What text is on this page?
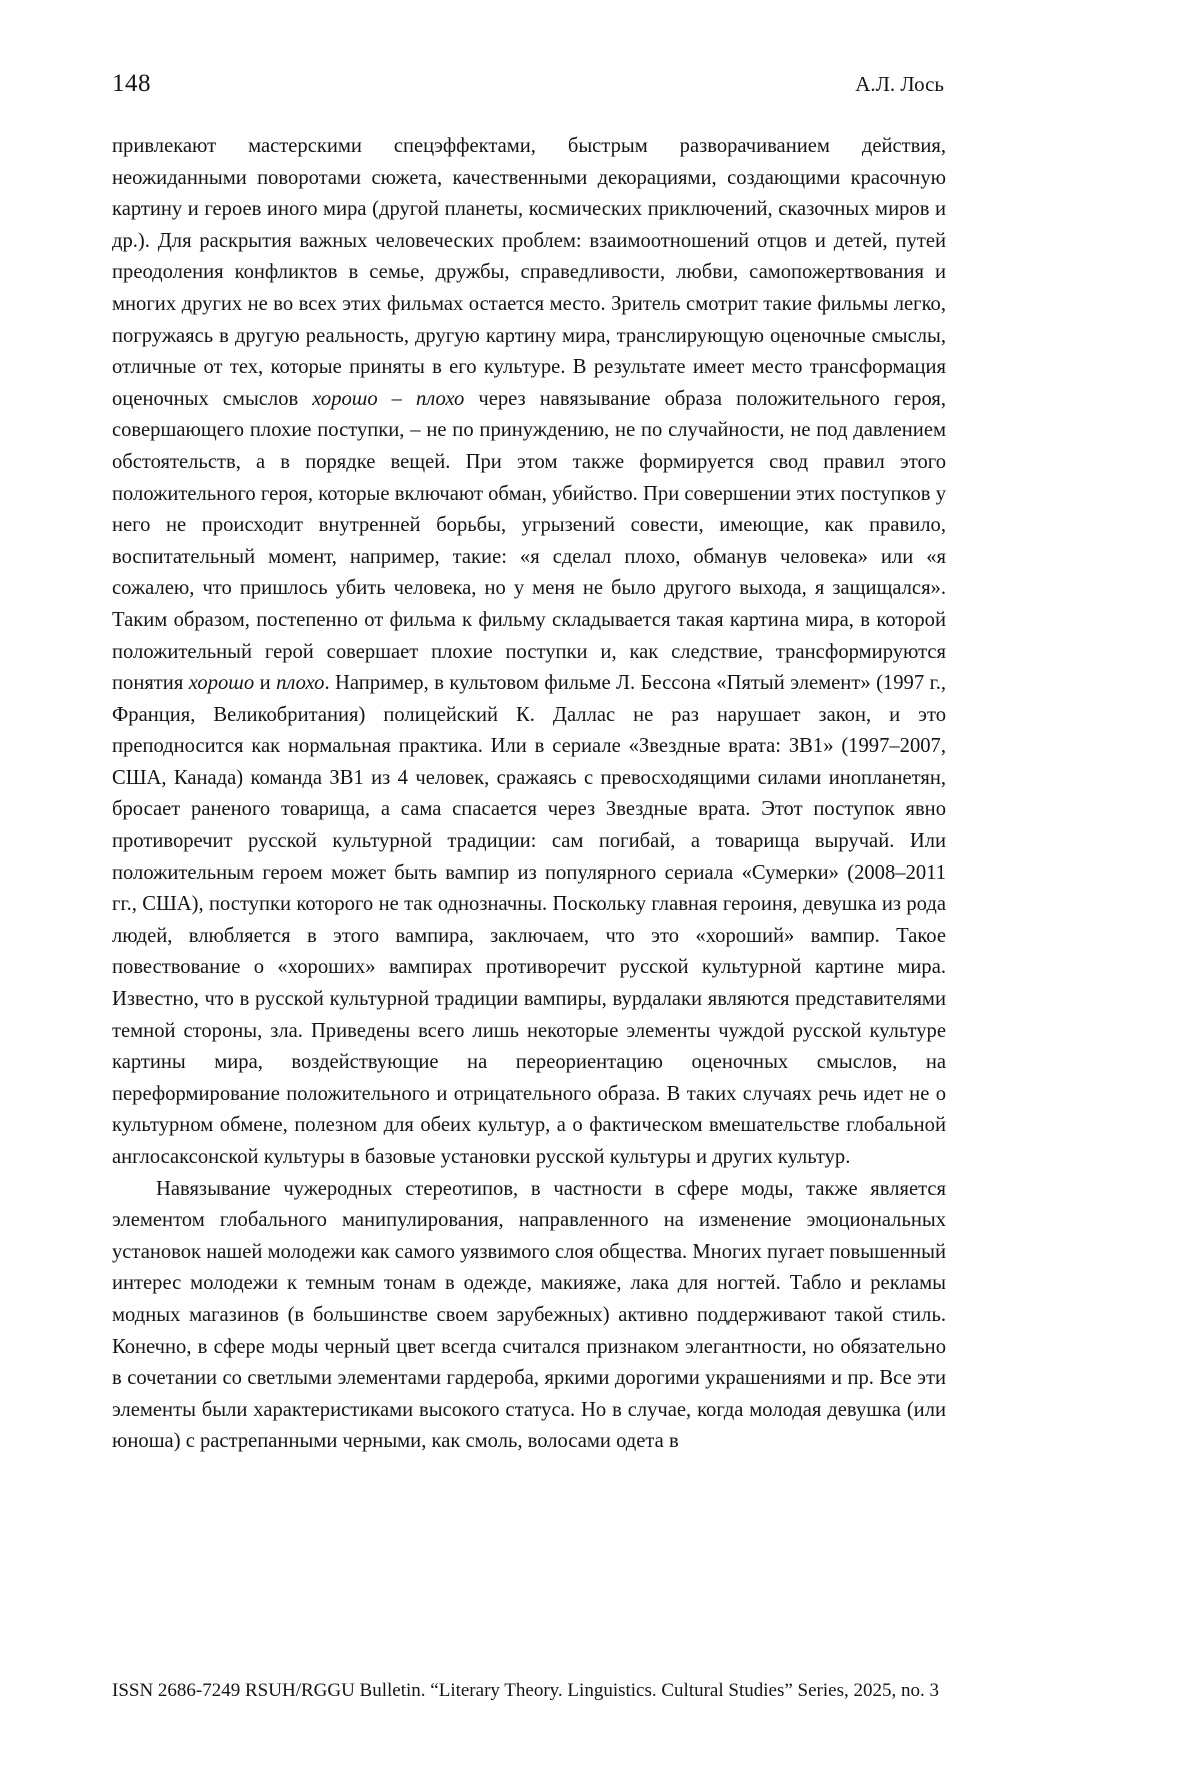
148	А.Л. Лось

привлекают мастерскими спецэффектами, быстрым разворачиванием действия, неожиданными поворотами сюжета, качественными декорациями, создающими красочную картину и героев иного мира (другой планеты, космических приключений, сказочных миров и др.). Для раскрытия важных человеческих проблем: взаимоотношений отцов и детей, путей преодоления конфликтов в семье, дружбы, справедливости, любви, самопожертвования и многих других не во всех этих фильмах остается место. Зритель смотрит такие фильмы легко, погружаясь в другую реальность, другую картину мира, транслирующую оценочные смыслы, отличные от тех, которые приняты в его культуре. В результате имеет место трансформация оценочных смыслов хорошо – плохо через навязывание образа положительного героя, совершающего плохие поступки, – не по принуждению, не по случайности, не под давлением обстоятельств, а в порядке вещей. При этом также формируется свод правил этого положительного героя, которые включают обман, убийство. При совершении этих поступков у него не происходит внутренней борьбы, угрызений совести, имеющие, как правило, воспитательный момент, например, такие: «я сделал плохо, обманув человека» или «я сожалею, что пришлось убить человека, но у меня не было другого выхода, я защищался». Таким образом, постепенно от фильма к фильму складывается такая картина мира, в которой положительный герой совершает плохие поступки и, как следствие, трансформируются понятия хорошо и плохо. Например, в культовом фильме Л. Бессона «Пятый элемент» (1997 г., Франция, Великобритания) полицейский К. Даллас не раз нарушает закон, и это преподносится как нормальная практика. Или в сериале «Звездные врата: ЗВ1» (1997–2007, США, Канада) команда ЗВ1 из 4 человек, сражаясь с превосходящими силами инопланетян, бросает раненого товарища, а сама спасается через Звездные врата. Этот поступок явно противоречит русской культурной традиции: сам погибай, а товарища выручай. Или положительным героем может быть вампир из популярного сериала «Сумерки» (2008–2011 гг., США), поступки которого не так однозначны. Поскольку главная героиня, девушка из рода людей, влюбляется в этого вампира, заключаем, что это «хороший» вампир. Такое повествование о «хороших» вампирах противоречит русской культурной картине мира. Известно, что в русской культурной традиции вампиры, вурдалаки являются представителями темной стороны, зла. Приведены всего лишь некоторые элементы чуждой русской культуре картины мира, воздействующие на переориентацию оценочных смыслов, на переформирование положительного и отрицательного образа. В таких случаях речь идет не о культурном обмене, полезном для обеих культур, а о фактическом вмешательстве глобальной англосаксонской культуры в базовые установки русской культуры и других культур.

Навязывание чужеродных стереотипов, в частности в сфере моды, также является элементом глобального манипулирования, направленного на изменение эмоциональных установок нашей молодежи как самого уязвимого слоя общества. Многих пугает повышенный интерес молодежи к темным тонам в одежде, макияже, лака для ногтей. Табло и рекламы модных магазинов (в большинстве своем зарубежных) активно поддерживают такой стиль. Конечно, в сфере моды черный цвет всегда считался признаком элегантности, но обязательно в сочетании со светлыми элементами гардероба, яркими дорогими украшениями и пр. Все эти элементы были характеристиками высокого статуса. Но в случае, когда молодая девушка (или юноша) с растрепанными черными, как смоль, волосами одета в

ISSN 2686-7249 RSUH/RGGU Bulletin. “Literary Theory. Linguistics. Cultural Studies” Series, 2025, no. 3
